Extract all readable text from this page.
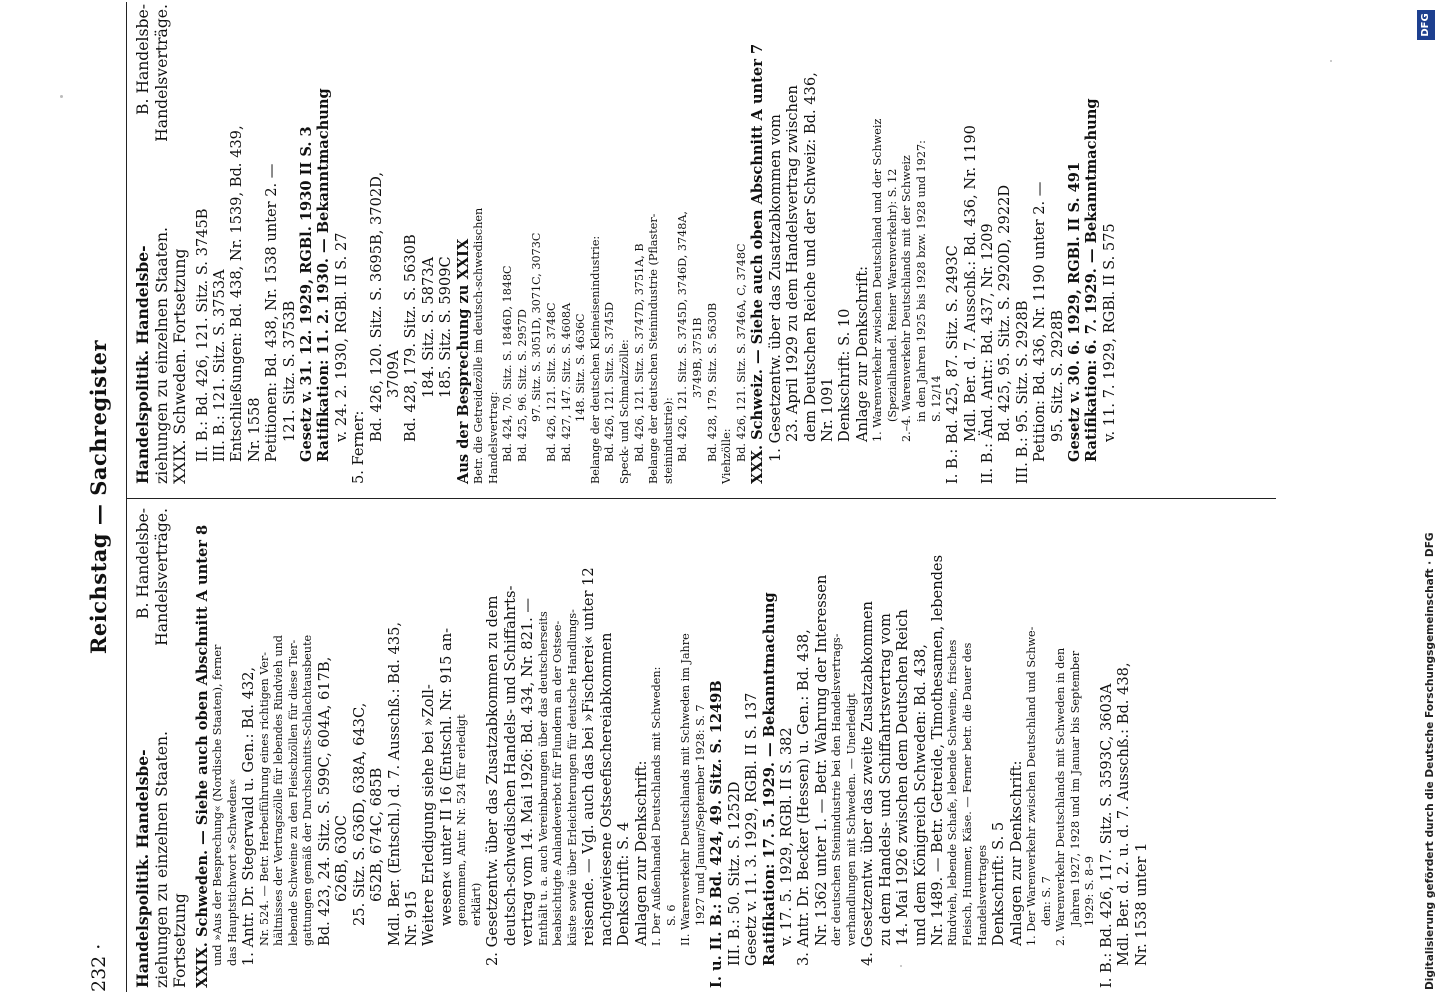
232 ·
Reichstag — Sachregister

Handelspolitik. Handelsbe-
B. Handelsbe-

ziehungen zu einzelnen Staaten.
Handelsverträge.

Fortsetzung XXIX. Schweden. — Siehe auch oben Abschnitt A unter 8 und »Aus der Besprechung« (Nordische Staaten), ferner das Hauptstichwort »Schweden« 1. Antr. Dr. Stegerwald u. Gen.: Bd. 432, Nr. 524. — Betr. Herbeiführung eines richtigen Ver- hältnisses der Vertragszölle für lebendes Rindvieh und lebende Schweine zu den Fleischzöllen für diese Tier- gattungen gemäß der Durchschnitts-Schlachtausbeute Bd. 423, 24. Sitz. S. 599C, 604A, 617B, 626B, 630C 25. Sitz. S. 636D, 638A, 643C, 652B, 674C, 685B Mdl. Ber. (Entschl.) d. 7. Ausschß.: Bd. 435, Nr. 915 Weitere Erledigung siehe bei »Zoll- wesen« unter II 16 (Entschl. Nr. 915 an- genommen, Antr. Nr. 524 für erledigt erklärt) 2. Gesetzentw. über das Zusatzabkommen zu dem deutsch-schwedischen Handels- und Schiffahrts- vertrag vom 14. Mai 1926: Bd. 434, Nr. 821. — Enthält u. a. auch Vereinbarungen über das deutscherseits beabsichtigte Anlandeverbot für Flundern an der Ostsee- küste sowie über Erleichterungen für deutsche Handlungs- reisende. — Vgl. auch das bei »Fischerei« unter 12 nachgewiesene Ostseefischereiabkommen Denkschrift: S. 4 Anlagen zur Denkschrift: I. Der Außenhandel Deutschlands mit Schweden: S. 6 II. Warenverkehr Deutschlands mit Schweden im Jahre 1927 und Januar/September 1928: S. 7 I. u. II. B.: Bd. 424, 49. Sitz. S. 1249B III. B.: 50. Sitz. S. 1252D Gesetz v. 11. 3. 1929, RGBl. II S. 137 Ratifikation: 17. 5. 1929. — Bekanntmachung v. 17. 5. 1929, RGBl. II S. 382 3. Antr. Dr. Becker (Hessen) u. Gen.: Bd. 438, Nr. 1362 unter 1. — Betr. Wahrung der Interessen der deutschen Steinindustrie bei den Handelsvertrags- verhandlungen mit Schweden. — Unerledigt 4. Gesetzentw. über das zweite Zusatzabkommen zu dem Handels- und Schiffahrtsvertrag vom 14. Mai 1926 zwischen dem Deutschen Reich und dem Königreich Schweden: Bd. 438, Nr. 1489. — Betr. Getreide, Timothesamen, lebendes Rindvieh, lebende Schafe, lebende Schweine, frisches Fleisch, Hummer, Käse. — Ferner betr. die Dauer des Handelsvertrages Denkschrift: S. 5 Anlagen zur Denkschrift: 1. Der Warenverkehr zwischen Deutschland und Schwe- den: S. 7 2. Warenverkehr Deutschlands mit Schweden in den Jahren 1927, 1928 und im Januar bis September 1929: S. 8–9 I. B.: Bd. 426, 117. Sitz. S. 3593C, 3603A Mdl. Ber. d. 2. u. d. 7. Ausschß.: Bd. 438, Nr. 1538 unter 1

Handelspolitik. Handelsbe-
B. Handelsbe-

ziehungen zu einzelnen Staaten.
Handelsverträge.

XXIX. Schweden. Fortsetzung II. B.: Bd. 426, 121. Sitz. S. 3745B III. B.: 121. Sitz. S. 3753A Entschließungen: Bd. 438, Nr. 1539, Bd. 439, Nr. 1558 Petitionen: Bd. 438, Nr. 1538 unter 2. — 121. Sitz. S. 3753B Gesetz v. 31. 12. 1929, RGBl. 1930 II S. 3 Ratifikation: 11. 2. 1930. — Bekanntmachung v. 24. 2. 1930, RGBl. II S. 27

5. Ferner:

Bd. 426, 120. Sitz. S. 3695B, 3702D, 3709A Bd. 428, 179. Sitz. S. 5630B 184. Sitz. S. 5873A 185. Sitz. S. 5909C Aus der Besprechung zu XXIX Betr. die Getreidezölle im deutsch-schwedischen Handelsvertrag: Bd. 424, 70. Sitz. S. 1846D, 1848C Bd. 425, 96. Sitz. S. 2957D 97. Sitz. S. 3051D, 3071C, 3073C Bd. 426, 121. Sitz. S. 3748C Bd. 427, 147. Sitz. S. 4608A 148. Sitz. S. 4636C Belange der deutschen Kleineisenindustrie: Bd. 426, 121. Sitz. S. 3745D Speck- und Schmalzzölle: Bd. 426, 121. Sitz. S. 3747D, 3751A, B Belange der deutschen Steinindustrie (Pflaster- steinindustrie): Bd. 426, 121. Sitz. S. 3745D, 3746D, 3748A, 3749B, 3751B Bd. 428, 179. Sitz. S. 5630B Viehzölle: Bd. 426, 121. Sitz. S. 3746A, C, 3748C XXX. Schweiz. — Siehe auch oben Abschnitt A unter 7 1. Gesetzentw. über das Zusatzabkommen vom 23. April 1929 zu dem Handelsvertrag zwischen dem Deutschen Reiche und der Schweiz: Bd. 436, Nr. 1091 Denkschrift: S. 10 Anlage zur Denkschrift: 1. Warenverkehr zwischen Deutschland und der Schweiz (Spezialhandel. Reiner Warenverkehr): S. 12 2.–4. Warenverkehr Deutschlands mit der Schweiz in den Jahren 1925 bis 1928 bzw. 1928 und 1927: S. 12/14 I. B.: Bd. 425, 87. Sitz. S. 2493C Mdl. Ber. d. 7. Ausschß.: Bd. 436, Nr. 1190 II. B.: Änd. Antr.: Bd. 437, Nr. 1209 Bd. 425, 95. Sitz. S. 2920D, 2922D III. B.: 95. Sitz. S. 2928B Petition: Bd. 436, Nr. 1190 unter 2. — 95. Sitz. S. 2928B Gesetz v. 30. 6. 1929, RGBl. II S. 491 Ratifikation: 6. 7. 1929. — Bekanntmachung v. 11. 7. 1929, RGBl. II S. 575

Digitalisierung gefördert durch die Deutsche Forschungsgemeinschaft · DFG
DFG
